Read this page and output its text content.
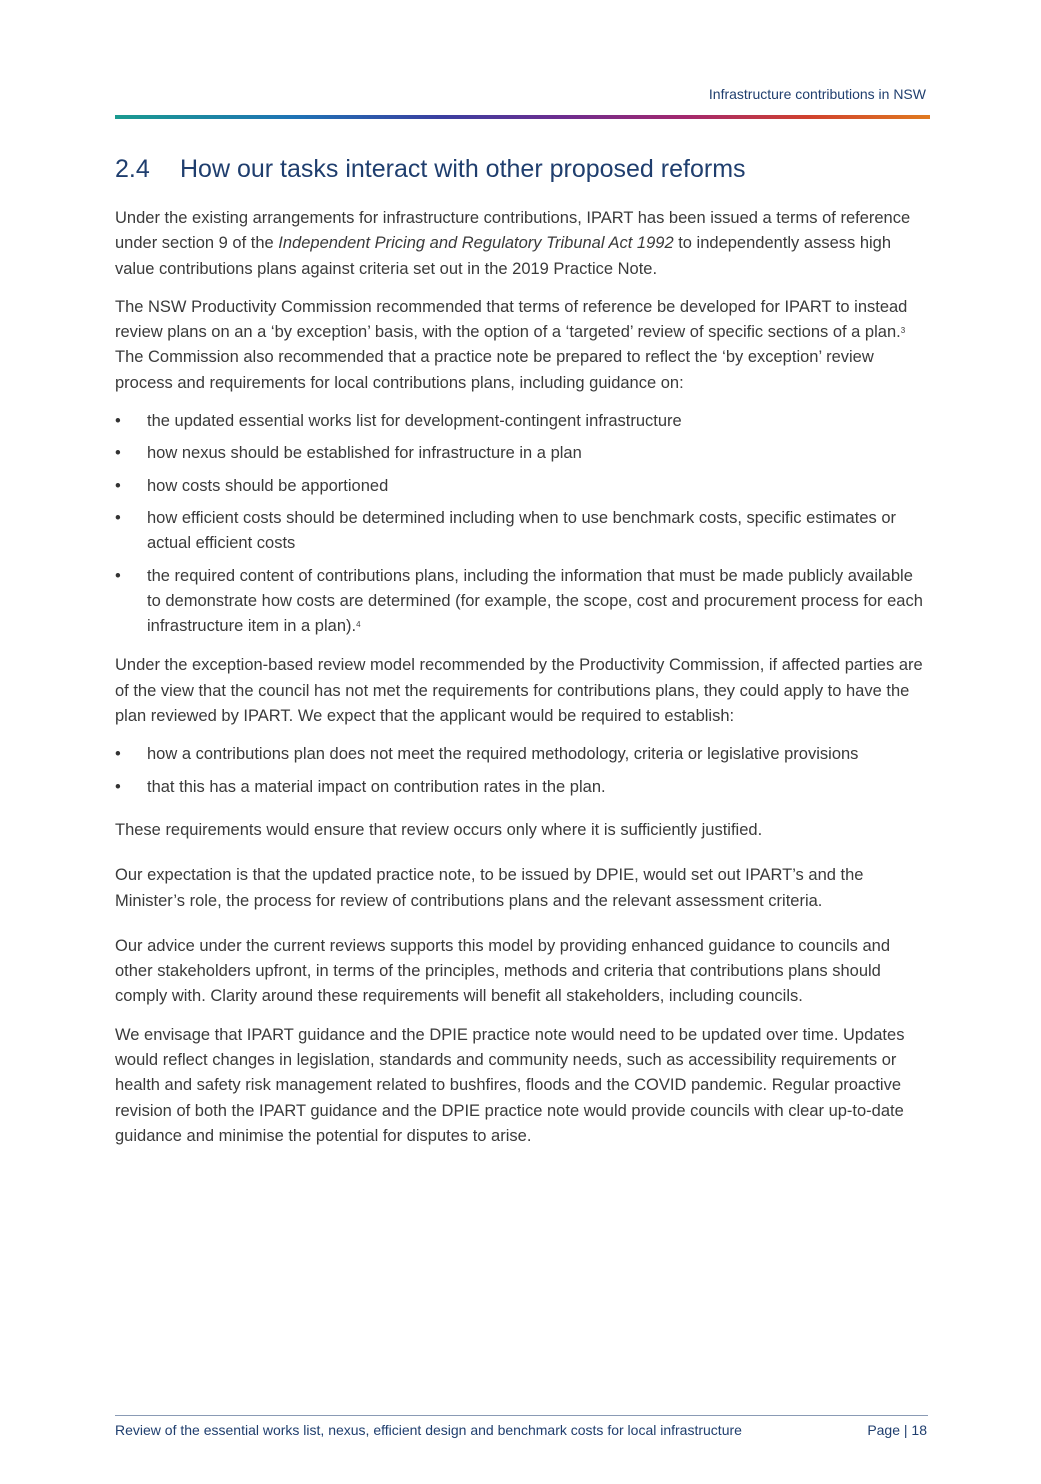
Infrastructure contributions in NSW
2.4	How our tasks interact with other proposed reforms

Under the existing arrangements for infrastructure contributions, IPART has been issued a terms of reference under section 9 of the Independent Pricing and Regulatory Tribunal Act 1992 to independently assess high value contributions plans against criteria set out in the 2019 Practice Note.

The NSW Productivity Commission recommended that terms of reference be developed for IPART to instead review plans on an a ‘by exception’ basis, with the option of a ‘targeted’ review of specific sections of a plan.$^3$ The Commission also recommended that a practice note be prepared to reflect the ‘by exception’ review process and requirements for local contributions plans, including guidance on:

• the updated essential works list for development-contingent infrastructure
• how nexus should be established for infrastructure in a plan
• how costs should be apportioned
• how efficient costs should be determined including when to use benchmark costs, specific estimates or actual efficient costs
• the required content of contributions plans, including the information that must be made publicly available to demonstrate how costs are determined (for example, the scope, cost and procurement process for each infrastructure item in a plan).$^4$

Under the exception-based review model recommended by the Productivity Commission, if affected parties are of the view that the council has not met the requirements for contributions plans, they could apply to have the plan reviewed by IPART. We expect that the applicant would be required to establish:

• how a contributions plan does not meet the required methodology, criteria or legislative provisions
• that this has a material impact on contribution rates in the plan.

These requirements would ensure that review occurs only where it is sufficiently justified.

Our expectation is that the updated practice note, to be issued by DPIE, would set out IPART’s and the Minister’s role, the process for review of contributions plans and the relevant assessment criteria.

Our advice under the current reviews supports this model by providing enhanced guidance to councils and other stakeholders upfront, in terms of the principles, methods and criteria that contributions plans should comply with. Clarity around these requirements will benefit all stakeholders, including councils.

We envisage that IPART guidance and the DPIE practice note would need to be updated over time. Updates would reflect changes in legislation, standards and community needs, such as accessibility requirements or health and safety risk management related to bushfires, floods and the COVID pandemic. Regular proactive revision of both the IPART guidance and the DPIE practice note would provide councils with clear up-to-date guidance and minimise the potential for disputes to arise.

Review of the essential works list, nexus, efficient design and benchmark costs for local infrastructure	Page | 18
